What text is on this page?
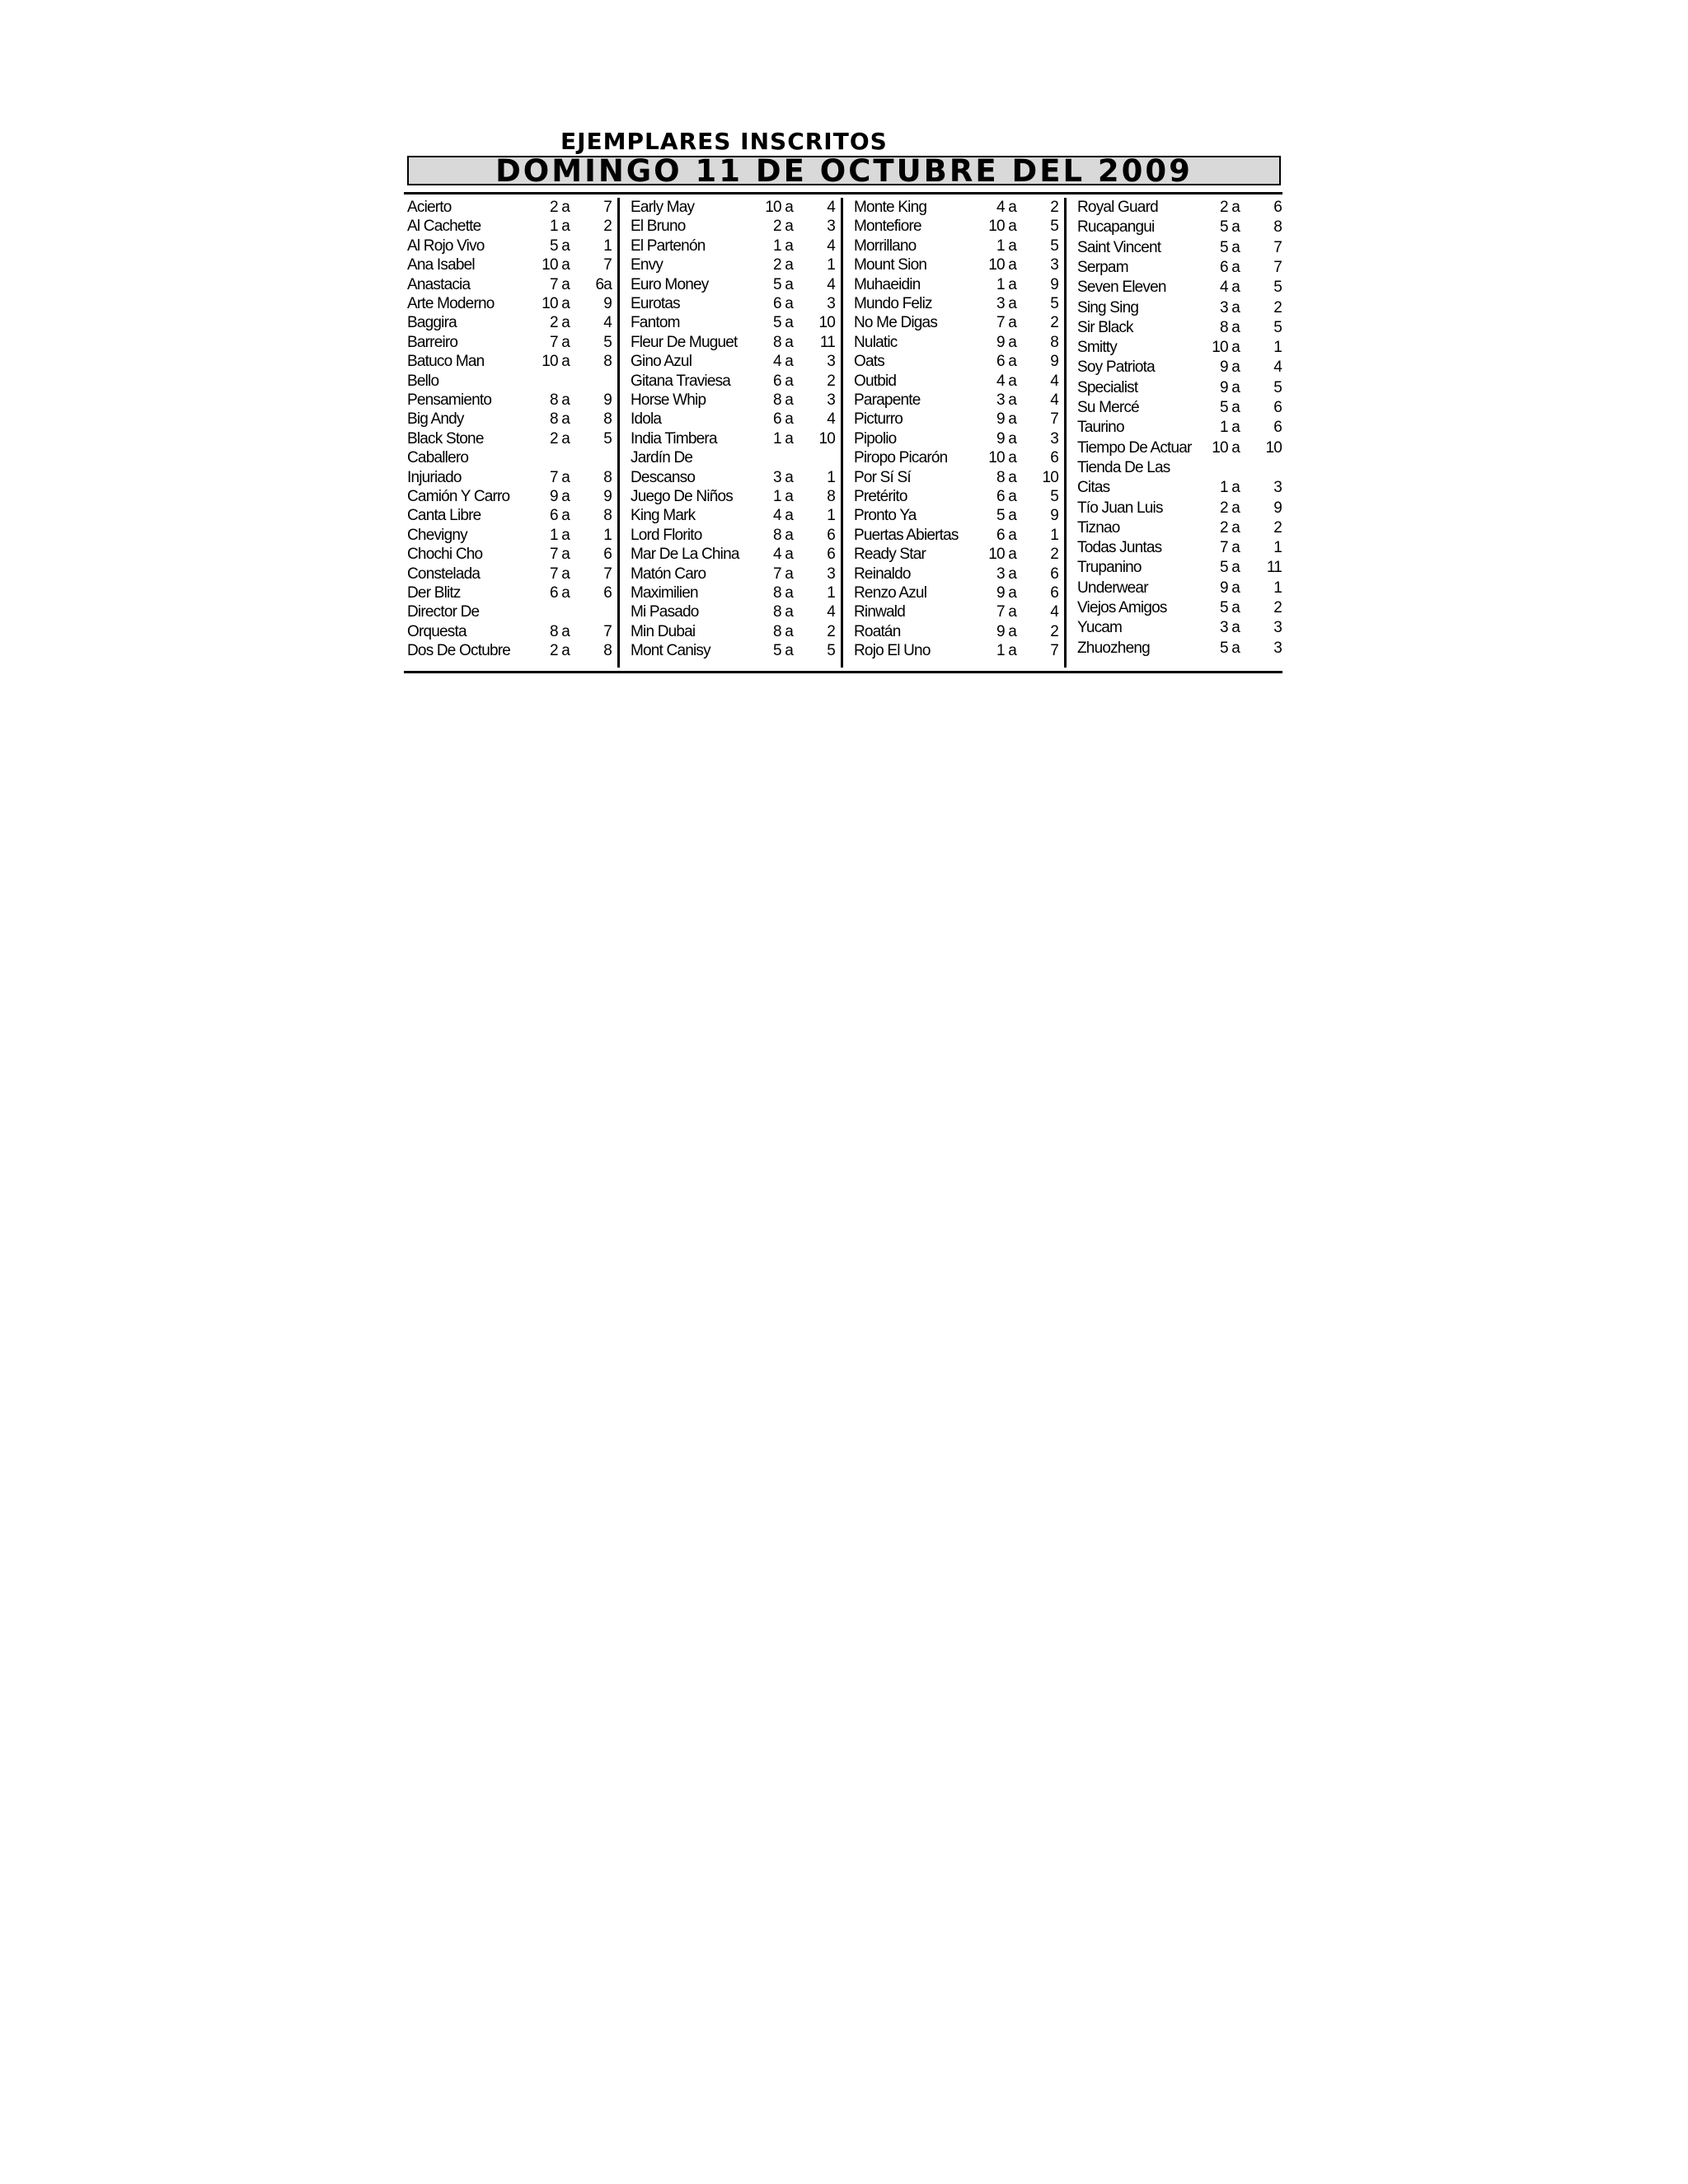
EJEMPLARES INSCRITOS
DOMINGO 11 DE OCTUBRE DEL 2009
Acierto	2 a	7
Al Cachette	1 a	2
Al Rojo Vivo	5 a	1
Ana Isabel	10 a	7
Anastacia	7 a	6a
Arte Moderno	10 a	9
Baggira	2 a	4
Barreiro	7 a	5
Batuco Man	10 a	8
Bello
Pensamiento	8 a	9
Big Andy	8 a	8
Black Stone	2 a	5
Caballero
Injuriado	7 a	8
Camión Y Carro	9 a	9
Canta Libre	6 a	8
Chevigny	1 a	1
Chochi Cho	7 a	6
Constelada	7 a	7
Der Blitz	6 a	6
Director De
Orquesta	8 a	7
Dos De Octubre	2 a	8
Early May	10 a	4
El Bruno	2 a	3
El Partenón	1 a	4
Envy	2 a	1
Euro Money	5 a	4
Eurotas	6 a	3
Fantom	5 a	10
Fleur De Muguet	8 a	11
Gino Azul	4 a	3
Gitana Traviesa	6 a	2
Horse Whip	8 a	3
Idola	6 a	4
India Timbera	1 a	10
Jardín De
Descanso	3 a	1
Juego De Niños	1 a	8
King Mark	4 a	1
Lord Florito	8 a	6
Mar De La China	4 a	6
Matón Caro	7 a	3
Maximilien	8 a	1
Mi Pasado	8 a	4
Min Dubai	8 a	2
Mont Canisy	5 a	5
Monte King	4 a	2
Montefiore	10 a	5
Morrillano	1 a	5
Mount Sion	10 a	3
Muhaeidin	1 a	9
Mundo Feliz	3 a	5
No Me Digas	7 a	2
Nulatic	9 a	8
Oats	6 a	9
Outbid	4 a	4
Parapente	3 a	4
Picturro	9 a	7
Pipolio	9 a	3
Piropo Picarón	10 a	6
Por Sí Sí	8 a	10
Pretérito	6 a	5
Pronto Ya	5 a	9
Puertas Abiertas	6 a	1
Ready Star	10 a	2
Reinaldo	3 a	6
Renzo Azul	9 a	6
Rinwald	7 a	4
Roatán	9 a	2
Rojo El Uno	1 a	7
Royal Guard	2 a	6
Rucapangui	5 a	8
Saint Vincent	5 a	7
Serpam	6 a	7
Seven Eleven	4 a	5
Sing Sing	3 a	2
Sir Black	8 a	5
Smitty	10 a	1
Soy Patriota	9 a	4
Specialist	9 a	5
Su Mercé	5 a	6
Taurino	1 a	6
Tiempo De Actuar	10 a	10
Tienda De Las
Citas	1 a	3
Tío Juan Luis	2 a	9
Tiznao	2 a	2
Todas Juntas	7 a	1
Trupanino	5 a	11
Underwear	9 a	1
Viejos Amigos	5 a	2
Yucam	3 a	3
Zhuozheng	5 a	3
